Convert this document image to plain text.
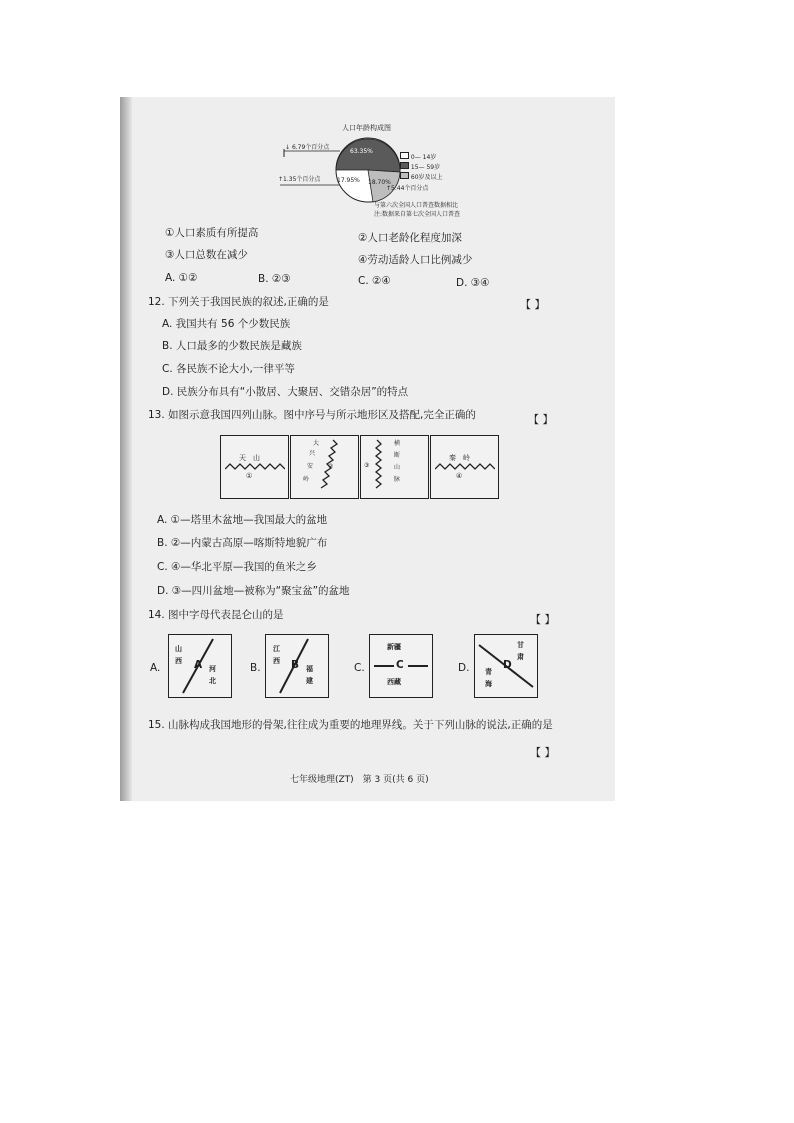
人口年龄构成图
63.35%
17.95% 18.70%
↓ 6.79个百分点
↑1.35个百分点
↑5.44个百分点
0— 14岁
15— 59岁
60岁及以上
与第六次全国人口普查数据相比
注:数据来自第七次全国人口普查
①人口素质有所提高	②人口老龄化程度加深
③人口总数在减少	④劳动适龄人口比例减少
A. ①②	B. ②③	C. ②④	D. ③④
12. 下列关于我国民族的叙述,正确的是	【 】
A. 我国共有 56 个少数民族
B. 人口最多的少数民族是藏族
C. 各民族不论大小,一律平等
D. 民族分布具有“小散居、大聚居、交错杂居”的特点
13. 如图示意我国四列山脉。图中序号与所示地形区及搭配,完全正确的	【 】
天　山
①
大
兴
安
岭
②
横
断
山
脉
③
秦　岭
④
A. ①—塔里木盆地—我国最大的盆地
B. ②—内蒙古高原—喀斯特地貌广布
C. ④—华北平原—我国的鱼米之乡
D. ③—四川盆地—被称为“聚宝盆”的盆地
14. 图中字母代表昆仑山的是	【 】
A.
山
西 A 河
北
B.
江
西 B 福
建
C.
新疆
C
西藏
D.
甘
肃
D
青
海
15. 山脉构成我国地形的骨架,往往成为重要的地理界线。关于下列山脉的说法,正确的是
【 】
七年级地理(ZT)　第 3 页(共 6 页)
